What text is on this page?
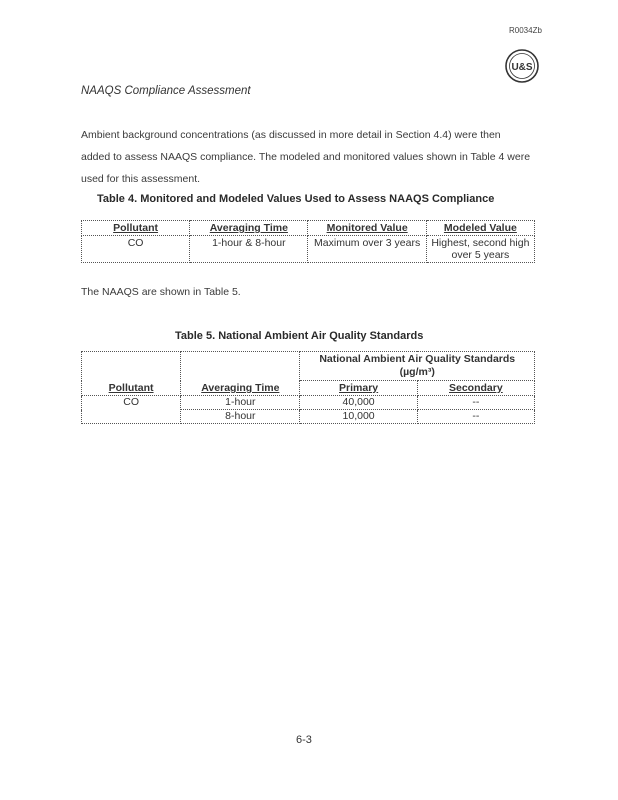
R0034Zb
U&S
NAAQS Compliance Assessment
Ambient background concentrations (as discussed in more detail in Section 4.4) were then added to assess NAAQS compliance. The modeled and monitored values shown in Table 4 were used for this assessment.
Table 4. Monitored and Modeled Values Used to Assess NAAQS Compliance
Pollutant	Averaging Time	Monitored Value	Modeled Value
CO	1-hour & 8-hour	Maximum over 3 years	Highest, second high over 5 years
The NAAQS are shown in Table 5.
Table 5. National Ambient Air Quality Standards
Pollutant	Averaging Time	National Ambient Air Quality Standards (µg/m³)	
		Primary	Secondary
CO	1-hour	40,000	--
	8-hour	10,000	--
6-3
